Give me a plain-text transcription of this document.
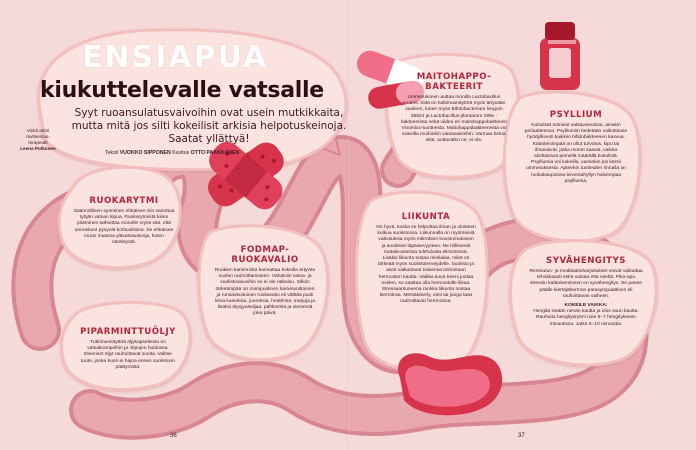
ENSIAPUA
kiukuttelevalle vatsalle

Syyt ruoansulatusvaivoihin ovat usein mutkikkaita, mutta mitä jos silti kokeilisit arkisia helpotuskeinoja. Saatat yllättyä!

Teksti VUOKKO SIPPONEN Kuvitus OTTO PAAKKANEN

Vinkit antoi ravitsemus-terapeutti
Leena Putkonen

RUOKARYTMI

Säännöllinen syöminen ehkäisee niin sanottua tyhjän vatsan kipua. Ruokarytmistä kiinni pitäminen tarkoittaa monelle myös sitä, että annoskoot pysyvät kohtuullisina. Se ehkäisee muun muassa ylävatsavaivoja, kuten närästystä.

PIPARMINTTUÖLJY

Tutkimusnäyttöä öljykapseleista on vatsakrampeihin ja -kipujen hoidossa. Eteeriset öljyt rauhoittavat suolta. Valitse tuote, jonka kuori ei hajoa ennen suolistoon päätymistä.

FODMAP-RUOKAVALIO

Ruokien karsinnista kannattaa kokeilla ärtyvän suolen rauhoittamiseen. Vähäisiin vatsa- ja suolistovaivoihin se ei ole ratkaisu. Silloin tärkeämpää on monipuolinen kasvisvoittoinen ja runsaskuituinen ruokavalio eli välttää puoli kiloa kasviksia, juureksia, hedelmiä, marjoja ja lisäksi täysjyväviljaa, pähkinöitä ja siemeniä joka päivä.

MAITOHAPPO-BAKTEERIT

Ummetukseen auttaa monilla Lactobacillus reuterii. Siitä on tutkimusnäyttöä myös ärtyvään suoleen, kuten myös Bifidobacterium longum 35624 ja Lactobacillus plantarum 299v -bakteereista sekä viiden eri maitohappobakteerin Vivomixx-tuotteesta. Maitohappobakteereista voi kokeilla muihinkin vatsavaivoihin. Varmaa tietoa siitä, auttavatko ne, ei ole.

PSYLLIUM

Kuitulisät toimivat vatsavaivoissa, ainakin periaatteessa. Psylliumiin tiedetään vaikuttavan hyödyllisesti kaikkiin bifidobakteerien kasvua. Käänteisimpää on ollut turvotus, kipu tai ilmavaivat, jotka monet saavat, vaikka aloittaisivat pienellä määrällä kuitulisiä. Psylliumia voi kokeilla, varsinkin jos kärsii ummetuksesta. Apteekin tuotteiden rinnalla on ruokakaupoissa leivontahyllyn halvempaa psylliumia.

LIIKUNTA

On hyvä, koska se helpottaa ilman ja ulosteen kulkua suolistossa. Liikunnalla on myönteisiä vaikutuksia myös mikrobien koostumukseen ja suoliston läpäisevyyteen. Ne hillitsevät matala-asteista tulehdusta elimistössä. Lisäksi liikunta tostaa mielialaa, mikä on tärkeää myös suolistoterveydelle. Suolisto ja aivot vaikuttavat toisiensa toimintaan hermoston kautta. Vaikka kova treeni jostaa mielen, se saattaa olla hermostolle liikaa. Stressaantuneena rankka liikunta nostaa kierroksia. Metsäkävely, uinti tai jooga taas rauhoittavat hermostoa.

SYVÄHENGITYS

Rentoutus- ja meditaatioharjoitukset voivat vaikuttaa tehokkaasti sekä vatsaa että mieltä. Pika-apu stressin katkaisemiseen on syvähengitys. Se panee päälle kiertäjähermon parasympaattisen eli rauhoittavan vaiheen.

KOKEILE VAIKKA:

Hengitä sisään nenän kautta ja ulos suun kautta. Rauhoita hengitysrytmi noin 5–7 hengitykseen minuutissa. Jatka 5–10 minuuttia.

36	37
